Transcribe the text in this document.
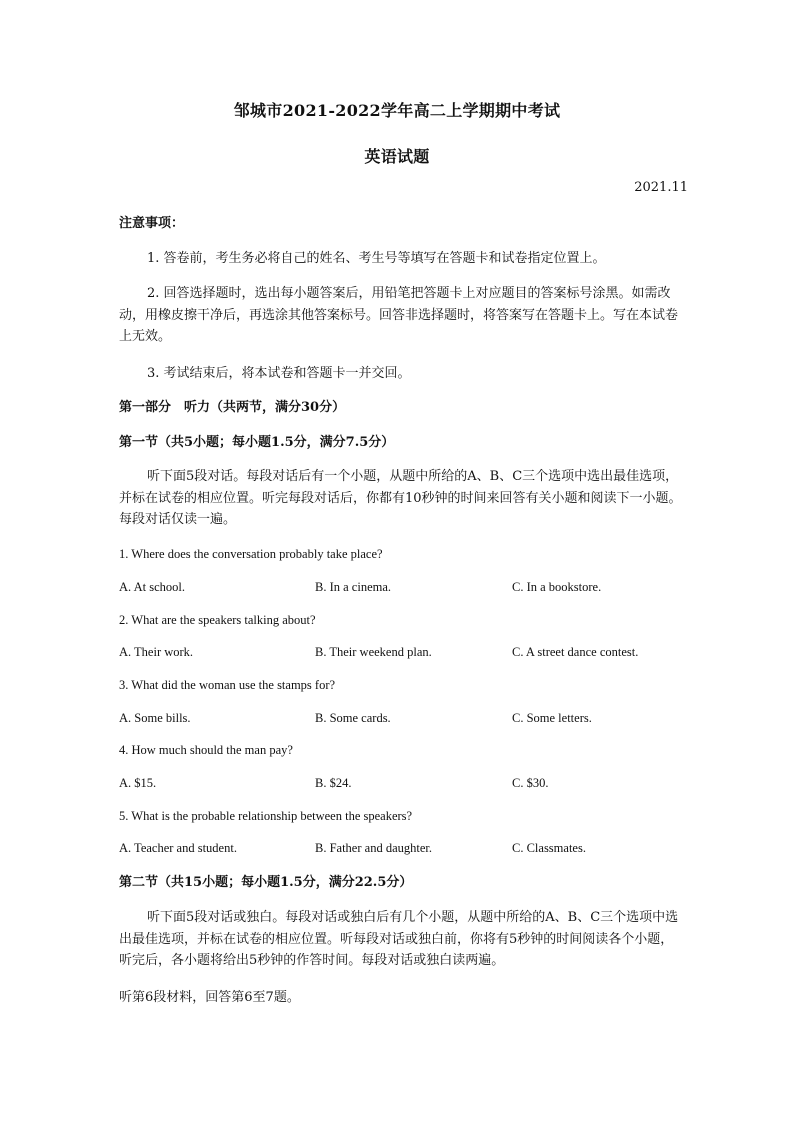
邹城市2021-2022学年高二上学期期中考试
英语试题
2021.11
注意事项：
1. 答卷前，考生务必将自己的姓名、考生号等填写在答题卡和试卷指定位置上。
2. 回答选择题时，选出每小题答案后，用铅笔把答题卡上对应题目的答案标号涂黑。如需改动，用橡皮擦干净后，再选涂其他答案标号。回答非选择题时，将答案写在答题卡上。写在本试卷上无效。
3. 考试结束后，将本试卷和答题卡一并交回。
第一部分　听力（共两节，满分30分）
第一节（共5小题；每小题1.5分，满分7.5分）
听下面5段对话。每段对话后有一个小题，从题中所给的A、B、C三个选项中选出最佳选项，并标在试卷的相应位置。听完每段对话后，你都有10秒钟的时间来回答有关小题和阅读下一小题。每段对话仅读一遍。
1. Where does the conversation probably take place?
A. At school.	B. In a cinema.	C. In a bookstore.
2. What are the speakers talking about?
A. Their work.	B. Their weekend plan.	C. A street dance contest.
3. What did the woman use the stamps for?
A. Some bills.	B. Some cards.	C. Some letters.
4. How much should the man pay?
A. $15.	B. $24.	C. $30.
5. What is the probable relationship between the speakers?
A. Teacher and student.	B. Father and daughter.	C. Classmates.
第二节（共15小题；每小题1.5分，满分22.5分）
听下面5段对话或独白。每段对话或独白后有几个小题，从题中所给的A、B、C三个选项中选出最佳选项，并标在试卷的相应位置。听每段对话或独白前，你将有5秒钟的时间阅读各个小题，听完后，各小题将给出5秒钟的作答时间。每段对话或独白读两遍。
听第6段材料，回答第6至7题。
